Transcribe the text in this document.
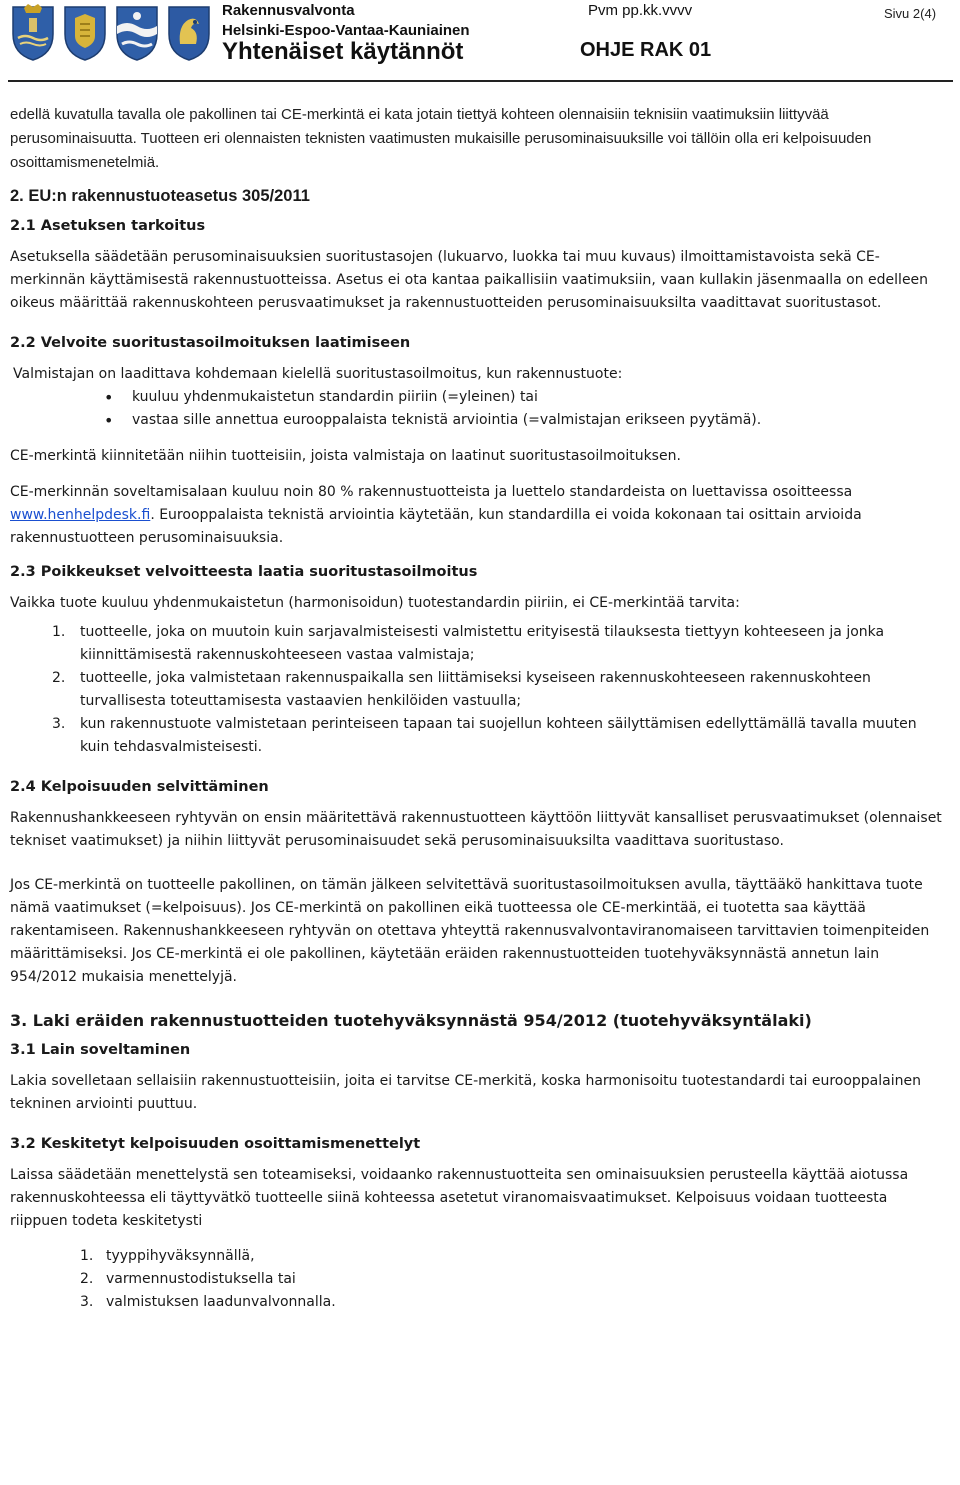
Rakennusvalvonta
Helsinki-Espoo-Vantaa-Kauniainen
Yhtenäiset käytännöt
Pvm pp.kk.vvvv	Sivu 2(4)
OHJE RAK 01

edellä kuvatulla tavalla ole pakollinen tai CE-merkintä ei kata jotain tiettyä kohteen olennaisiin teknisiin vaatimuksiin liittyvää perusominaisuutta. Tuotteen eri olennaisten teknisten vaatimusten mukaisille perusominaisuuksille voi tällöin olla eri kelpoisuuden osoittamismenetelmiä.

2. EU:n rakennustuoteasetus 305/2011

2.1 Asetuksen tarkoitus

Asetuksella säädetään perusominaisuuksien suoritustasojen (lukuarvo, luokka tai muu kuvaus) ilmoittamistavoista sekä CE-merkinnän käyttämisestä rakennustuotteissa. Asetus ei ota kantaa paikallisiin vaatimuksiin, vaan kullakin jäsenmaalla on edelleen oikeus määrittää rakennuskohteen perusvaatimukset ja rakennustuotteiden perusominaisuuksilta vaadittavat suoritustasot.

2.2 Velvoite suoritustasoilmoituksen laatimiseen

Valmistajan on laadittava kohdemaan kielellä suoritustasoilmoitus, kun rakennustuote:

• kuuluu yhdenmukaistetun standardin piiriin (=yleinen) tai
• vastaa sille annettua eurooppalaista teknistä arviointia (=valmistajan erikseen pyytämä).

CE-merkintä kiinnitetään niihin tuotteisiin, joista valmistaja on laatinut suoritustasoilmoituksen.

CE-merkinnän soveltamisalaan kuuluu noin 80 % rakennustuotteista ja luettelo standardeista on luettavissa osoitteessa www.henhelpdesk.fi. Eurooppalaista teknistä arviointia käytetään, kun standardilla ei voida kokonaan tai osittain arvioida rakennustuotteen perusominaisuuksia.

2.3 Poikkeukset velvoitteesta laatia suoritustasoilmoitus

Vaikka tuote kuuluu yhdenmukaistetun (harmonisoidun) tuotestandardin piiriin, ei CE-merkintää tarvita:

1.	tuotteelle, joka on muutoin kuin sarjavalmisteisesti valmistettu erityisestä tilauksesta tiettyyn kohteeseen ja jonka kiinnittämisestä rakennuskohteeseen vastaa valmistaja;
2.	tuotteelle, joka valmistetaan rakennuspaikalla sen liittämiseksi kyseiseen rakennuskohteeseen rakennuskohteen turvallisesta toteuttamisesta vastaavien henkilöiden vastuulla;
3.	kun rakennustuote valmistetaan perinteiseen tapaan tai suojellun kohteen säilyttämisen edellyttämällä tavalla muuten kuin tehdasvalmisteisesti.

2.4 Kelpoisuuden selvittäminen

Rakennushankkeeseen ryhtyvän on ensin määritettävä rakennustuotteen käyttöön liittyvät kansalliset perusvaatimukset (olennaiset tekniset vaatimukset) ja niihin liittyvät perusominaisuudet sekä perusominaisuuksilta vaadittava suoritustaso.

Jos CE-merkintä on tuotteelle pakollinen, on tämän jälkeen selvitettävä suoritustasoilmoituksen avulla, täyttääkö hankittava tuote nämä vaatimukset (=kelpoisuus). Jos CE-merkintä on pakollinen eikä tuotteessa ole CE-merkintää, ei tuotetta saa käyttää rakentamiseen. Rakennushankkeeseen ryhtyvän on otettava yhteyttä rakennusvalvontaviranomaiseen tarvittavien toimenpiteiden määrittämiseksi. Jos CE-merkintä ei ole pakollinen, käytetään eräiden rakennustuotteiden tuotehyväksynnästä annetun lain 954/2012 mukaisia menettelyjä.

3. Laki eräiden rakennustuotteiden tuotehyväksynnästä 954/2012 (tuotehyväksyntälaki)

3.1 Lain soveltaminen

Lakia sovelletaan sellaisiin rakennustuotteisiin, joita ei tarvitse CE-merkitä, koska harmonisoitu tuotestandardi tai eurooppalainen tekninen arviointi puuttuu.

3.2 Keskitetyt kelpoisuuden osoittamismenettelyt

Laissa säädetään menettelystä sen toteamiseksi, voidaanko rakennustuotteita sen ominaisuuksien perusteella käyttää aiotussa rakennuskohteessa eli täyttyvätkö tuotteelle siinä kohteessa asetetut viranomaisvaatimukset. Kelpoisuus voidaan tuotteesta riippuen todeta keskitetysti

1. tyyppihyväksynnällä,
2. varmennustodistuksella tai
3. valmistuksen laadunvalvonnalla.
